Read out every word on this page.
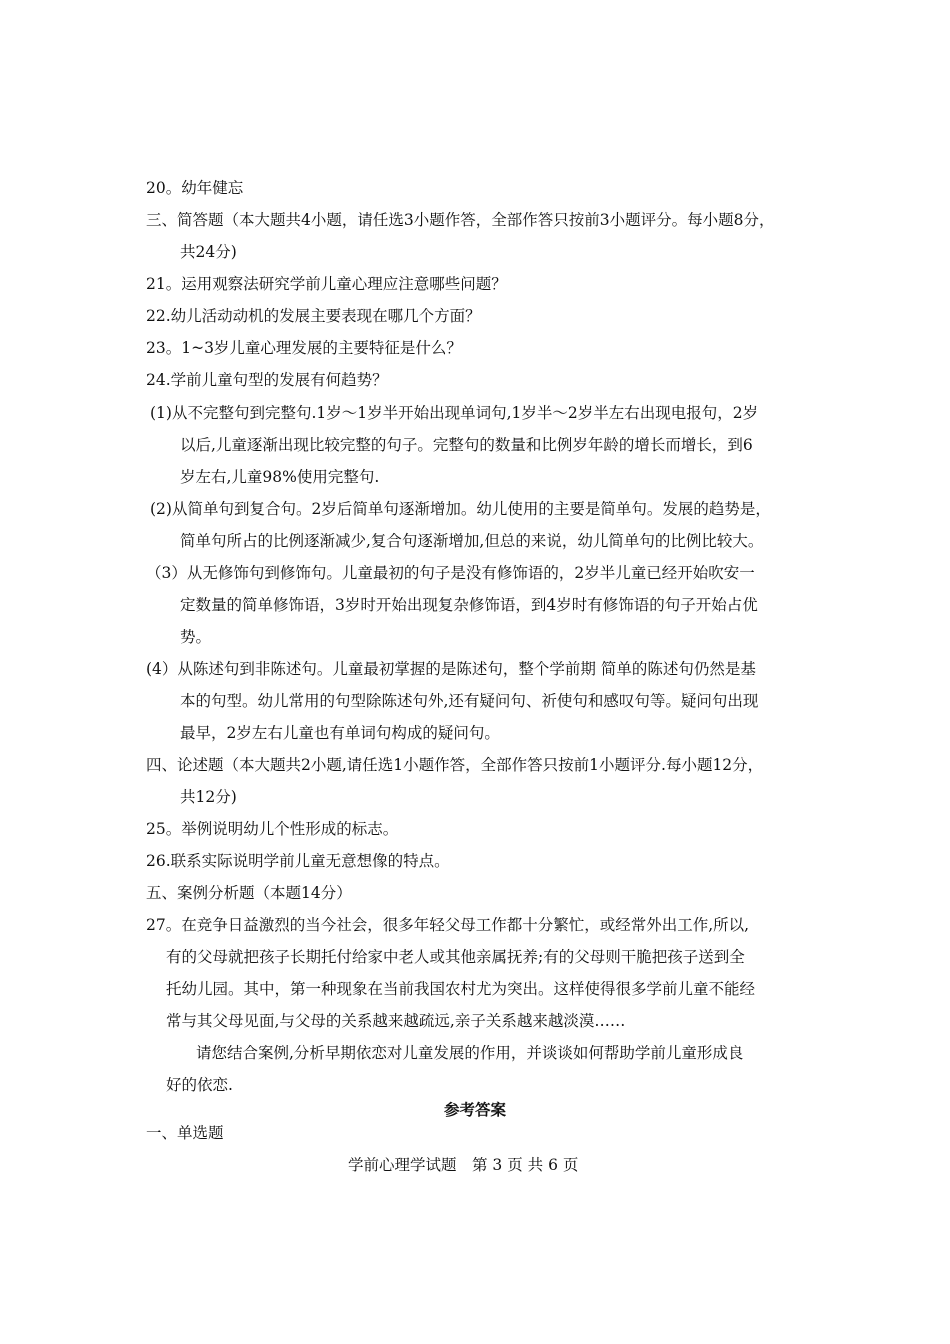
20。幼年健忘
三、简答题（本大题共4小题，请任选3小题作答，全部作答只按前3小题评分。每小题8分，
共24分)
21。运用观察法研究学前儿童心理应注意哪些问题？
22.幼儿活动动机的发展主要表现在哪几个方面？
23。1~3岁儿童心理发展的主要特征是什么？
24.学前儿童句型的发展有何趋势？
(1)从不完整句到完整句.1岁～1岁半开始出现单词句,1岁半～2岁半左右出现电报句，2岁
以后,儿童逐渐出现比较完整的句子。完整句的数量和比例岁年龄的增长而增长，到6
岁左右,儿童98%使用完整句.
(2)从简单句到复合句。2岁后简单句逐渐增加。幼儿使用的主要是简单句。发展的趋势是，
简单句所占的比例逐渐减少,复合句逐渐增加,但总的来说，幼儿简单句的比例比较大。
（3）从无修饰句到修饰句。儿童最初的句子是没有修饰语的，2岁半儿童已经开始吹安一
定数量的简单修饰语，3岁时开始出现复杂修饰语，到4岁时有修饰语的句子开始占优
势。
(4）从陈述句到非陈述句。儿童最初掌握的是陈述句，整个学前期 简单的陈述句仍然是基
本的句型。幼儿常用的句型除陈述句外,还有疑问句、祈使句和感叹句等。疑问句出现
最早，2岁左右儿童也有单词句构成的疑问句。
四、论述题（本大题共2小题,请任选1小题作答，全部作答只按前1小题评分.每小题12分，
共12分)
25。举例说明幼儿个性形成的标志。
26.联系实际说明学前儿童无意想像的特点。
五、案例分析题（本题14分）
27。在竞争日益激烈的当今社会，很多年轻父母工作都十分繁忙，或经常外出工作,所以,
有的父母就把孩子长期托付给家中老人或其他亲属抚养;有的父母则干脆把孩子送到全
托幼儿园。其中，第一种现象在当前我国农村尤为突出。这样使得很多学前儿童不能经
常与其父母见面,与父母的关系越来越疏远,亲子关系越来越淡漠……
请您结合案例,分析早期依恋对儿童发展的作用，并谈谈如何帮助学前儿童形成良
好的依恋.
参考答案
一、单选题
学前心理学试题　第 3 页 共 6 页
